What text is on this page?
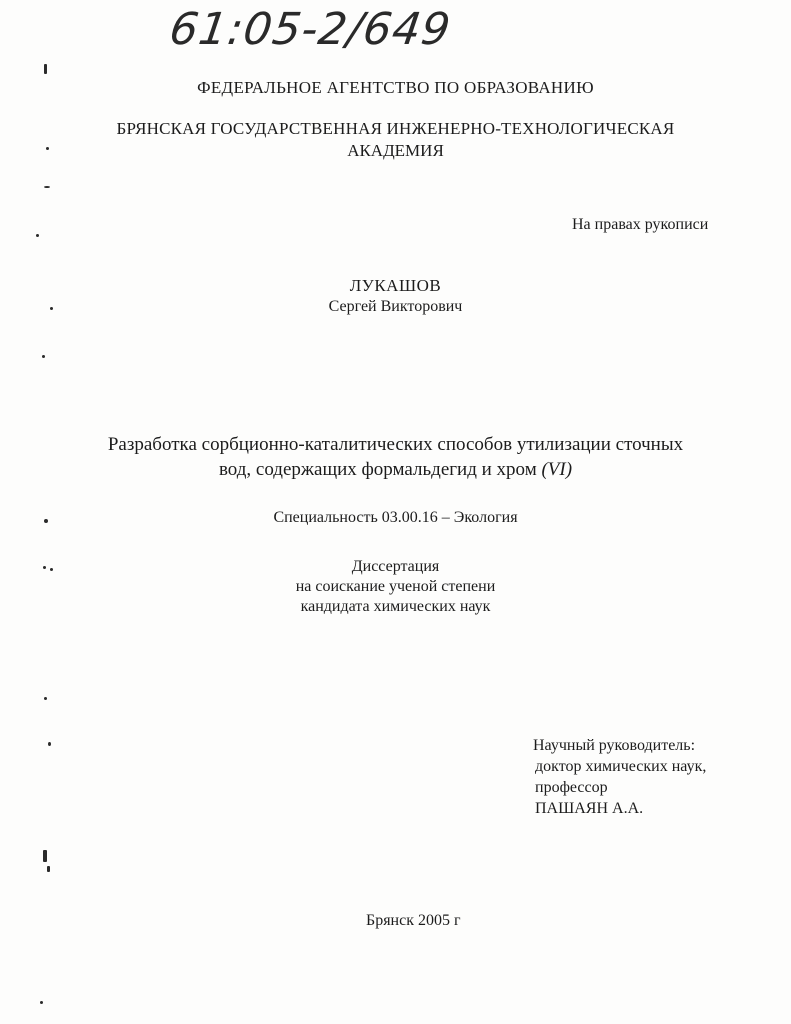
61:05-2/649
ФЕДЕРАЛЬНОЕ АГЕНТСТВО ПО ОБРАЗОВАНИЮ
БРЯНСКАЯ ГОСУДАРСТВЕННАЯ ИНЖЕНЕРНО-ТЕХНОЛОГИЧЕСКАЯ
АКАДЕМИЯ
На правах рукописи
ЛУКАШОВ
Сергей Викторович
Разработка сорбционно-каталитических способов утилизации сточных
вод, содержащих формальдегид и хром (VI)
Специальность 03.00.16 – Экология
Диссертация
на соискание ученой степени
кандидата химических наук
Научный руководитель:
доктор химических наук,
профессор
ПАШАЯН А.А.
Брянск 2005 г
